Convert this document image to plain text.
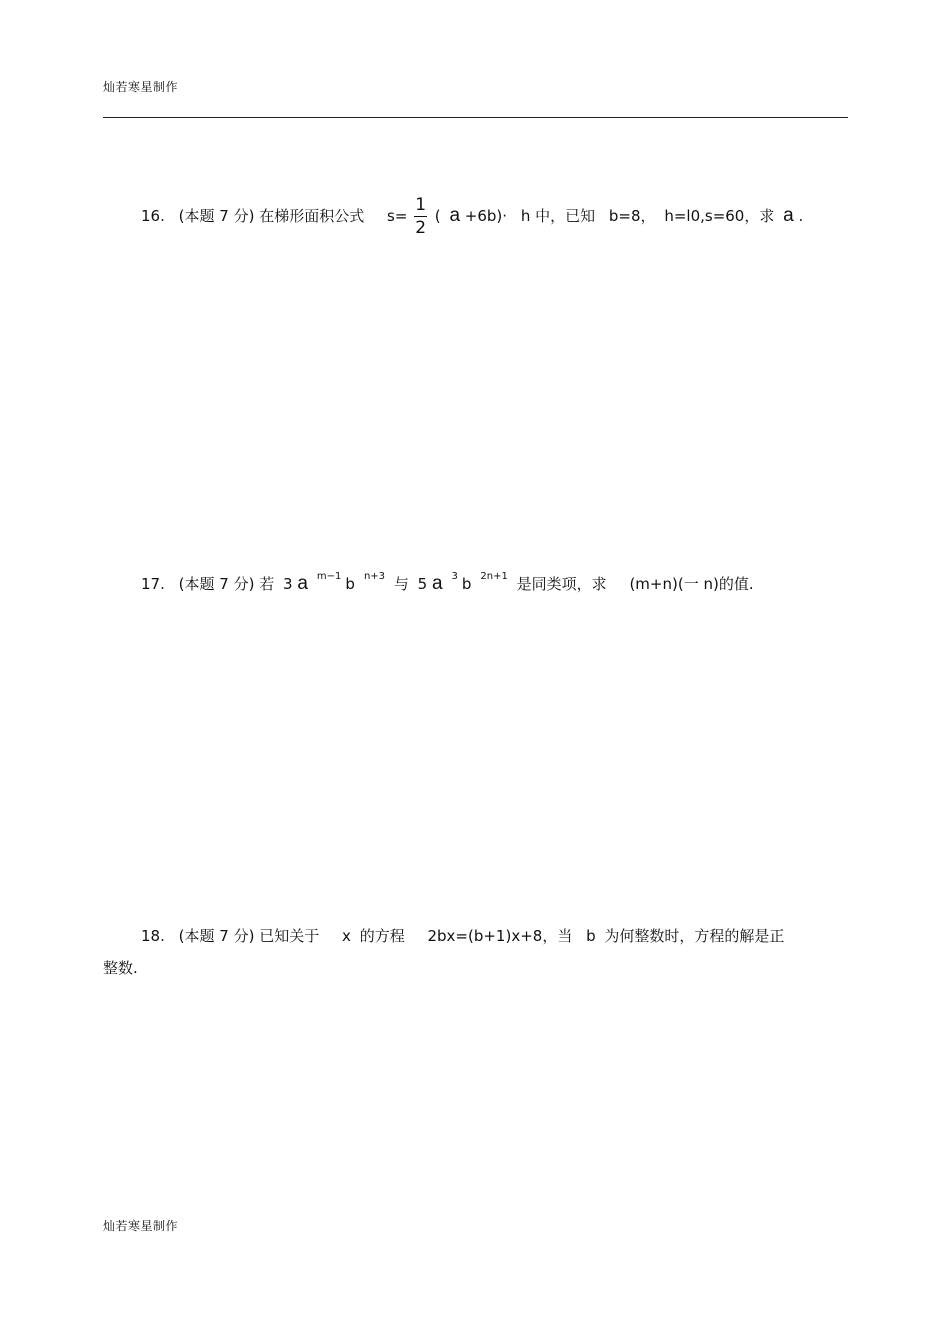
灿若寒星制作
16. (本题 7 分) 在梯形面积公式 $s= \frac{1}{2}$ ( a +6b)· h 中，已知 b=8， h=l0,s=60，求 a .
17. (本题 7 分) 若 3 a $^{m-1}$ b $^{n+3}$ 与 5 a $^3$ b $^{2n+1}$ 是同类项，求 (m+n)(一 n)的值.
18. (本题 7 分) 已知关于 x 的方程 2bx=(b+1)x+8，当 b 为何整数时，方程的解是正
整数.
灿若寒星制作
